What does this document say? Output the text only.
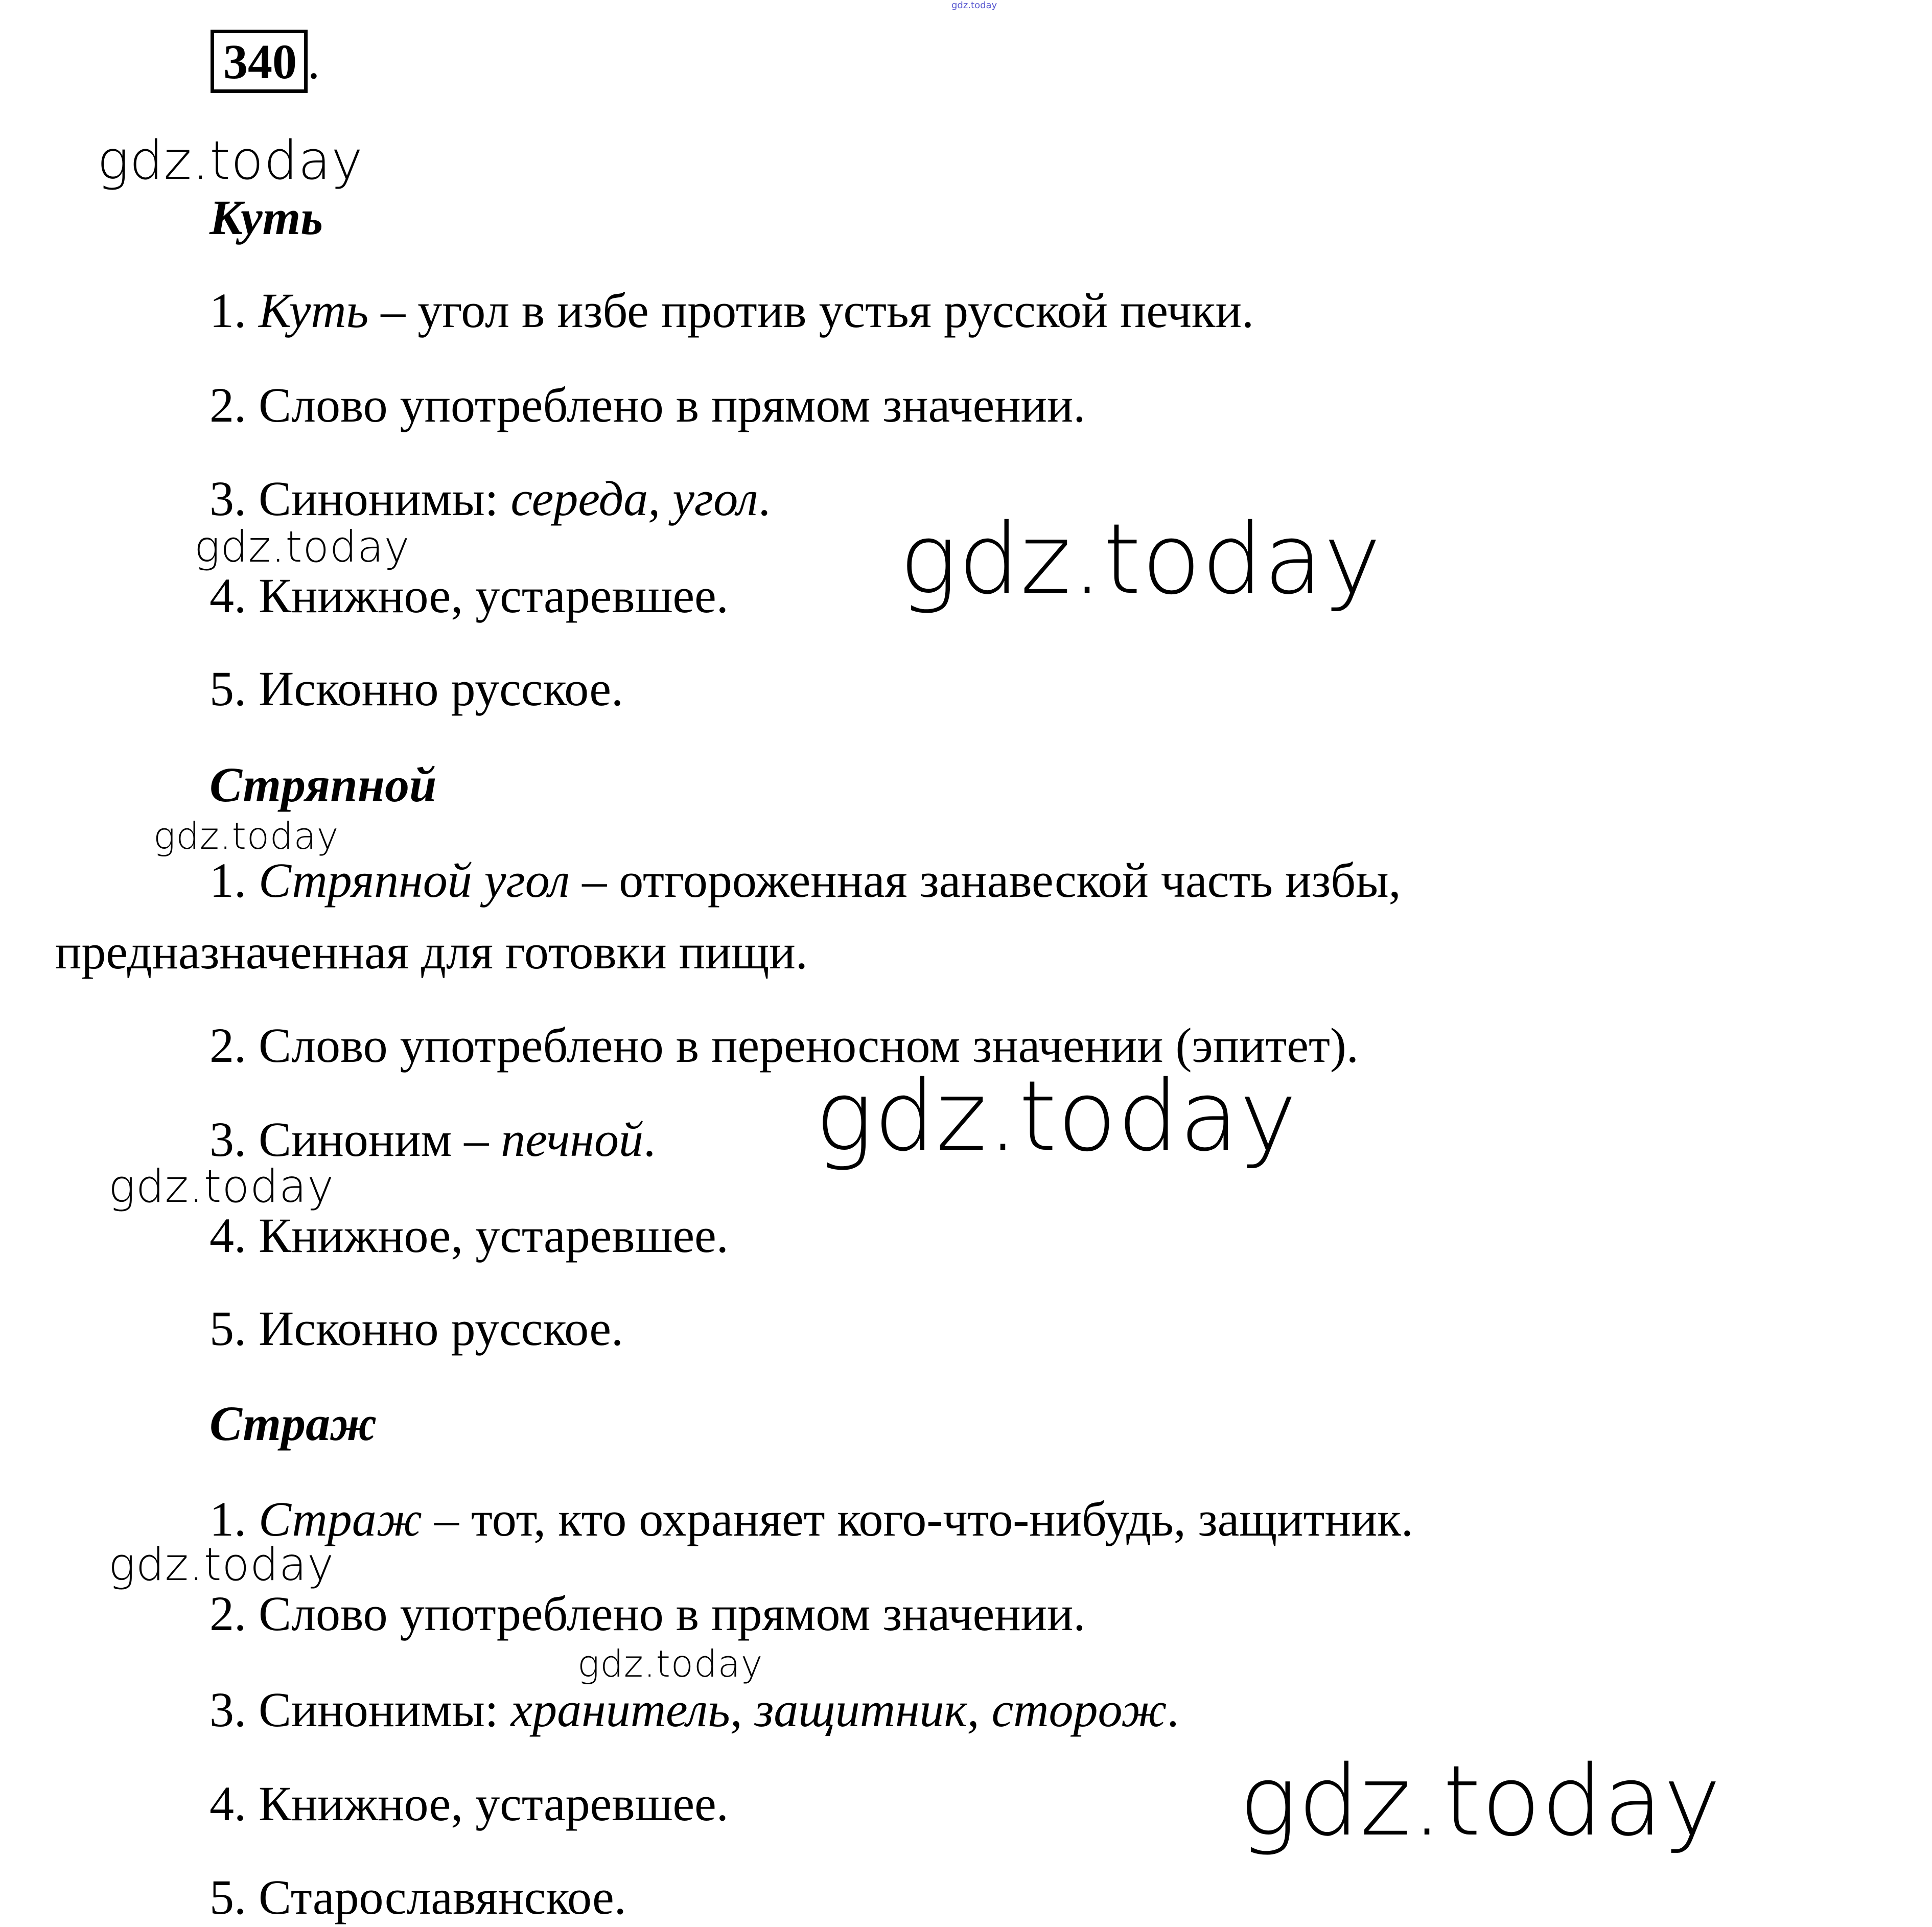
gdz.today
340 .
gdz.today
gdz.today	gdz.today
gdz.today
gdz.today
gdz.today
gdz.today
gdz.today
gdz.today
Куть
1. Куть – угол в избе против устья русской печки.
2. Слово употреблено в прямом значении.
3. Синонимы: середа, угол.
4. Книжное, устаревшее.
5. Исконно русское.
Стряпной
1. Стряпной угол – отгороженная занавеской часть избы,
предназначенная для готовки пищи.
2. Слово употреблено в переносном значении (эпитет).
3. Синоним – печной.
4. Книжное, устаревшее.
5. Исконно русское.
Страж
1. Страж – тот, кто охраняет кого-что-нибудь, защитник.
2. Слово употреблено в прямом значении.
3. Синонимы: хранитель, защитник, сторож.
4. Книжное, устаревшее.
5. Старославянское.
